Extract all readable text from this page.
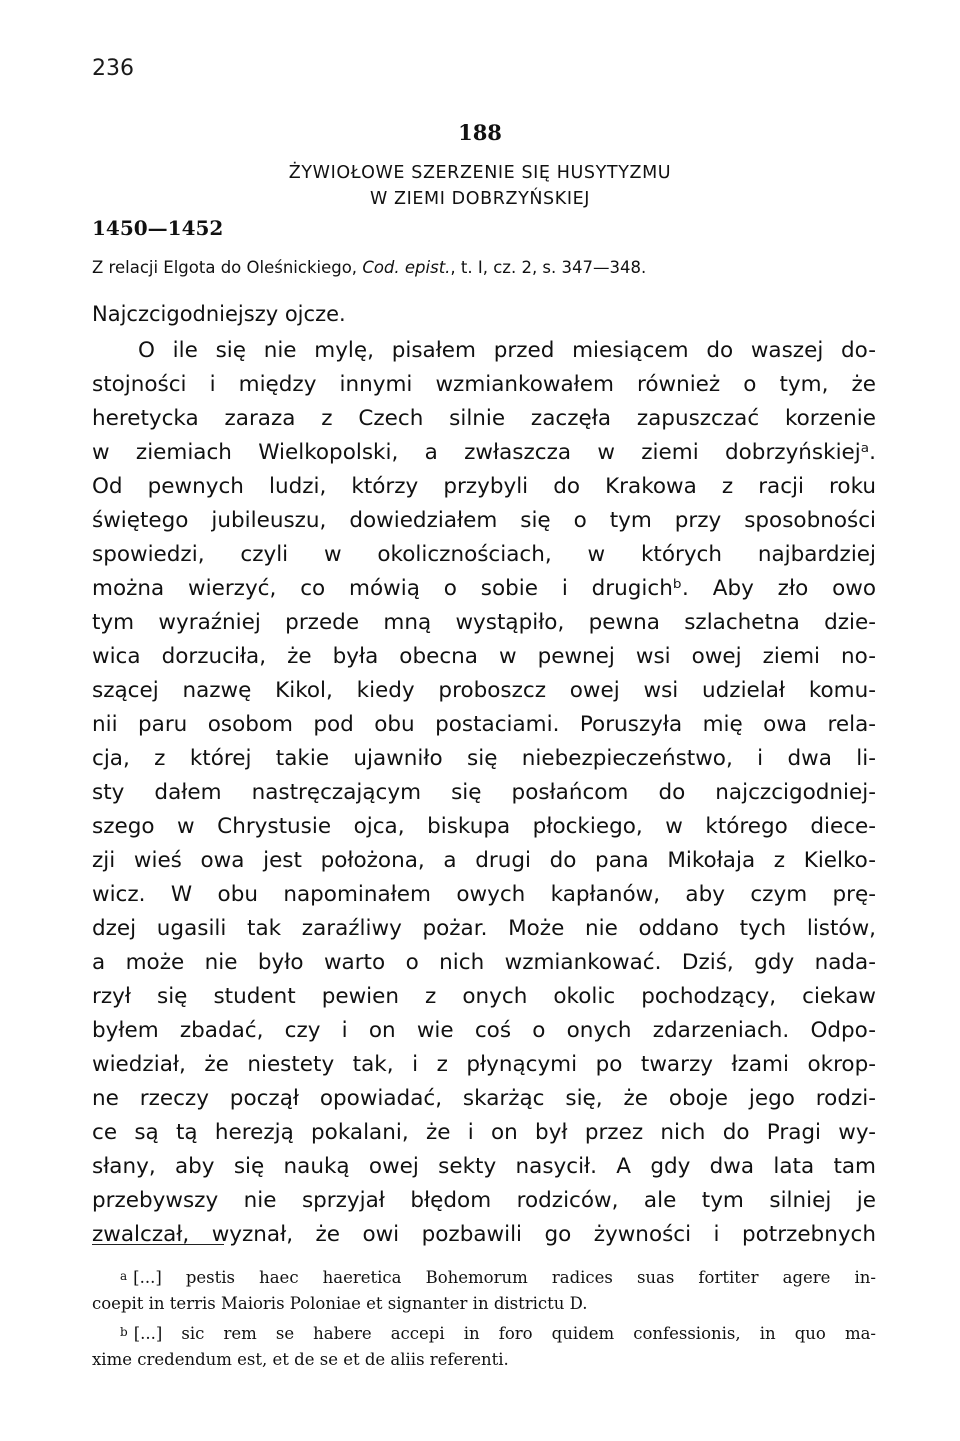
236
188
ŻYWIOŁOWE SZERZENIE SIĘ HUSYTYZMU
W ZIEMI DOBRZYŃSKIEJ
1450—1452
Z relacji Elgota do Oleśnickiego, Cod. epist., t. I, cz. 2, s. 347—348.
Najczcigodniejszy ojcze.
O ile się nie mylę, pisałem przed miesiącem do waszej do-
stojności i między innymi wzmiankowałem również o tym, że
heretycka zaraza z Czech silnie zaczęła zapuszczać korzenie
w ziemiach Wielkopolski, a zwłaszcza w ziemi dobrzyńskiejᵃ.
Od pewnych ludzi, którzy przybyli do Krakowa z racji roku
świętego jubileuszu, dowiedziałem się o tym przy sposobności
spowiedzi, czyli w okolicznościach, w których najbardziej
można wierzyć, co mówią o sobie i drugichᵇ. Aby zło owo
tym wyraźniej przede mną wystąpiło, pewna szlachetna dzie-
wica dorzuciła, że była obecna w pewnej wsi owej ziemi no-
szącej nazwę Kikol, kiedy proboszcz owej wsi udzielał komu-
nii paru osobom pod obu postaciami. Poruszyła mię owa rela-
cja, z której takie ujawniło się niebezpieczeństwo, i dwa li-
sty dałem nastręczającym się posłańcom do najczcigodniej-
szego w Chrystusie ojca, biskupa płockiego, w którego diece-
zji wieś owa jest położona, a drugi do pana Mikołaja z Kielko-
wicz. W obu napominałem owych kapłanów, aby czym prę-
dzej ugasili tak zaraźliwy pożar. Może nie oddano tych listów,
a może nie było warto o nich wzmiankować. Dziś, gdy nada-
rzył się student pewien z onych okolic pochodzący, ciekaw
byłem zbadać, czy i on wie coś o onych zdarzeniach. Odpo-
wiedział, że niestety tak, i z płynącymi po twarzy łzami okrop-
ne rzeczy począł opowiadać, skarżąc się, że oboje jego rodzi-
ce są tą herezją pokalani, że i on był przez nich do Pragi wy-
słany, aby się nauką owej sekty nasycił. A gdy dwa lata tam
przebywszy nie sprzyjał błędom rodziców, ale tym silniej je
zwalczał, wyznał, że owi pozbawili go żywności i potrzebnych
a [...] pestis haec haeretica Bohemorum radices suas fortiter agere in-
coepit in terris Maioris Poloniae et signanter in districtu D.
b [...] sic rem se habere accepi in foro quidem confessionis, in quo ma-
xime credendum est, et de se et de aliis referenti.
